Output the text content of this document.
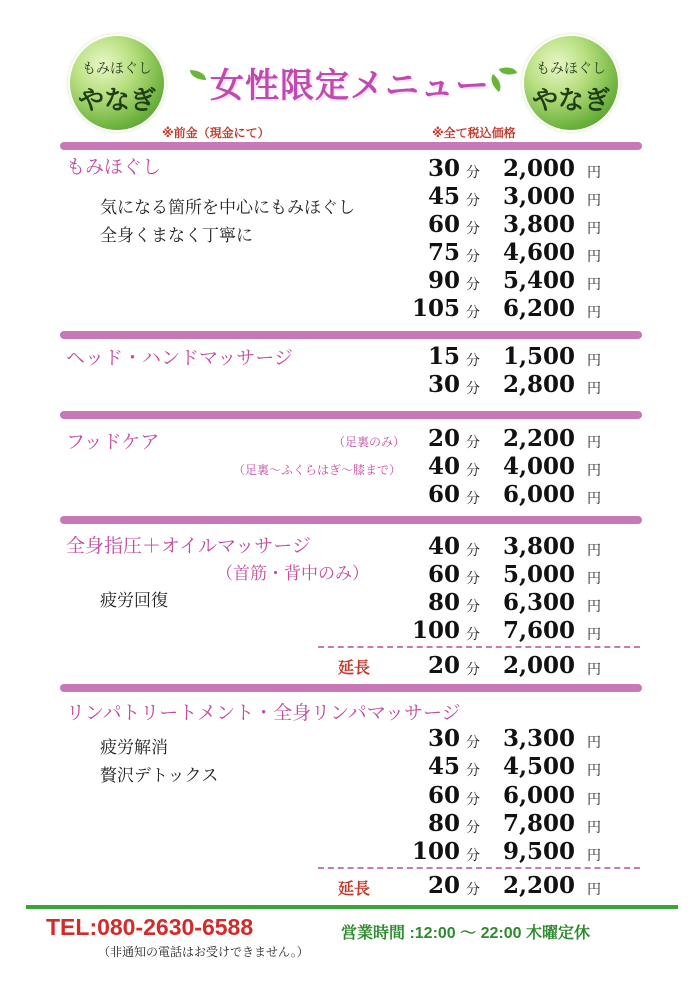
もみほぐし
やなぎ
もみほぐし
やなぎ
女性限定メニュー
※前金（現金にて）	※全て税込価格
もみほぐし
気になる箇所を中心にもみほぐし
全身くまなく丁寧に
30 分 2,000 円
45 分 3,000 円
60 分 3,800 円
75 分 4,600 円
90 分 5,400 円
105 分 6,200 円
ヘッド・ハンドマッサージ	15 分 1,500 円
30 分 2,800 円
フッドケア	（足裏のみ）
（足裏〜ふくらはぎ〜膝まで）
20 分 2,200 円
40 分 4,000 円
60 分 6,000 円
全身指圧＋オイルマッサージ
（首筋・背中のみ）
疲労回復
40 分 3,800 円
60 分 5,000 円
80 分 6,300 円
100 分 7,600 円
延長	20 分 2,000 円
リンパトリートメント・全身リンパマッサージ
疲労解消
贅沢デトックス
30 分 3,300 円
45 分 4,500 円
60 分 6,000 円
80 分 7,800 円
100 分 9,500 円
延長	20 分 2,200 円
TEL:080-2630-6588	営業時間 :12:00 ～ 22:00 木曜定休
（非通知の電話はお受けできません。）
